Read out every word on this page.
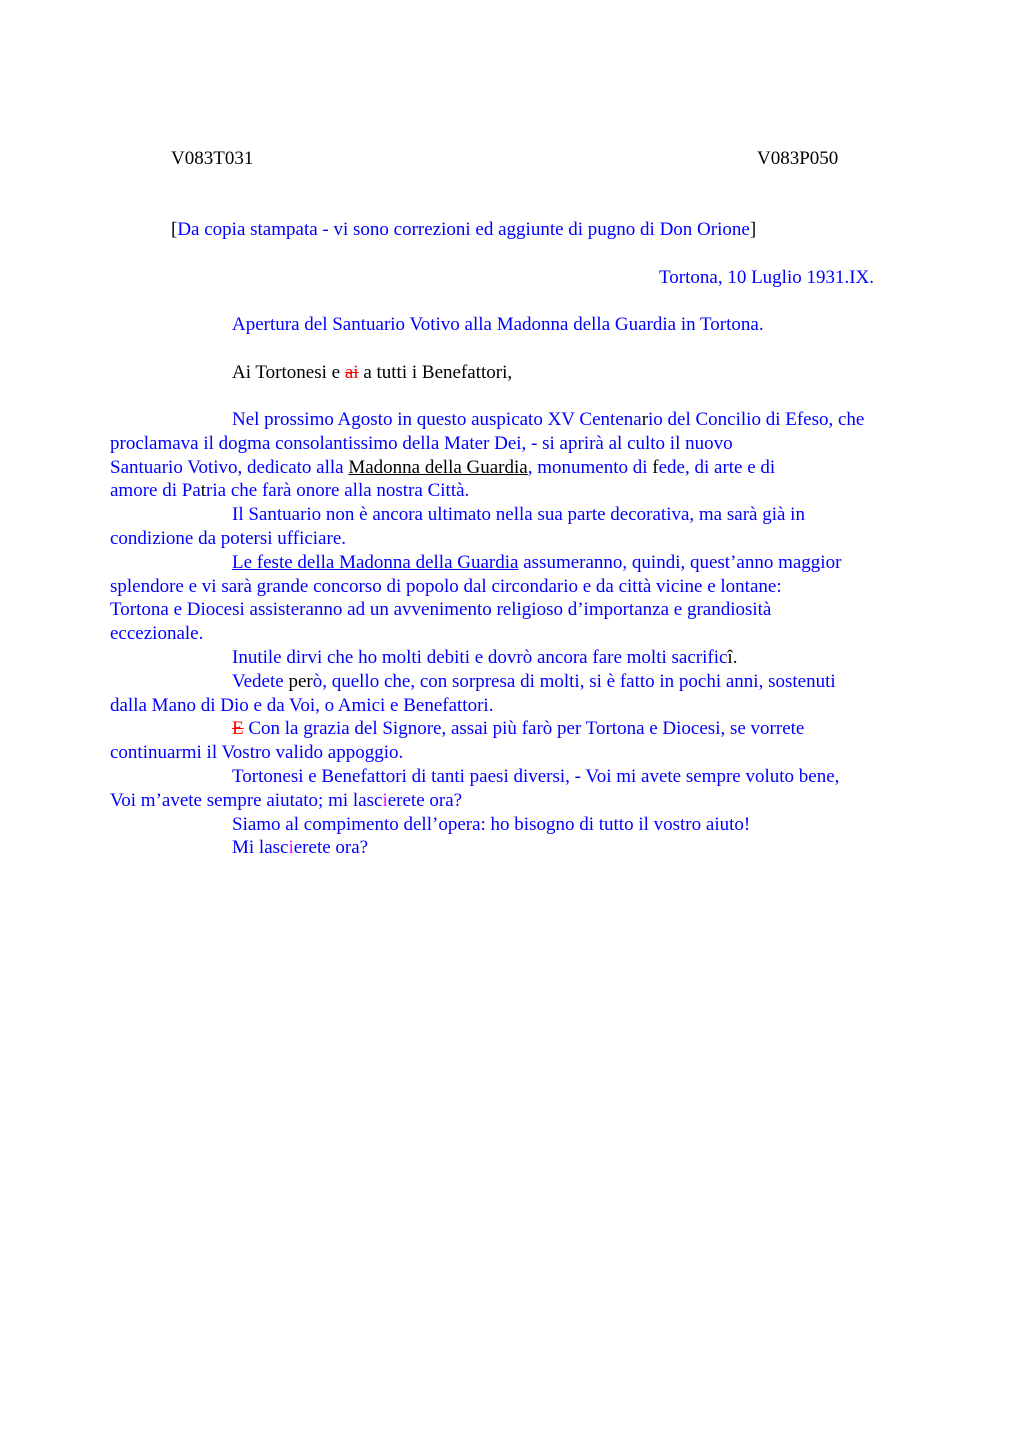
V083T031	V083P050
[Da copia stampata - vi sono correzioni ed aggiunte di pugno di Don Orione]
Tortona, 10 Luglio 1931.IX.
Apertura del Santuario Votivo alla Madonna della Guardia in Tortona.
Ai Tortonesi e ai a tutti i Benefattori,

Nel prossimo Agosto in questo auspicato XV Centenario del Concilio di Efeso, che
proclamava il dogma consolantissimo della Mater Dei, - si aprirà al culto il nuovo
Santuario Votivo, dedicato alla Madonna della Guardia, monumento di fede, di arte e di
amore di Patria che farà onore alla nostra Città.

Il Santuario non è ancora ultimato nella sua parte decorativa, ma sarà già in
condizione da potersi ufficiare.

Le feste della Madonna della Guardia assumeranno, quindi, quest’anno maggior
splendore e vi sarà grande concorso di popolo dal circondario e da città vicine e lontane:
Tortona e Diocesi assisteranno ad un avvenimento religioso d’importanza e grandiosità
eccezionale.

Inutile dirvi che ho molti debiti e dovrò ancora fare molti sacrificî.

Vedete però, quello che, con sorpresa di molti, si è fatto in pochi anni, sostenuti
dalla Mano di Dio e da Voi, o Amici e Benefattori.

E Con la grazia del Signore, assai più farò per Tortona e Diocesi, se vorrete
continuarmi il Vostro valido appoggio.

Tortonesi e Benefattori di tanti paesi diversi, - Voi mi avete sempre voluto bene,
Voi m’avete sempre aiutato; mi lascierete ora?

Siamo al compimento dell’opera: ho bisogno di tutto il vostro aiuto!

Mi lascierete ora?
